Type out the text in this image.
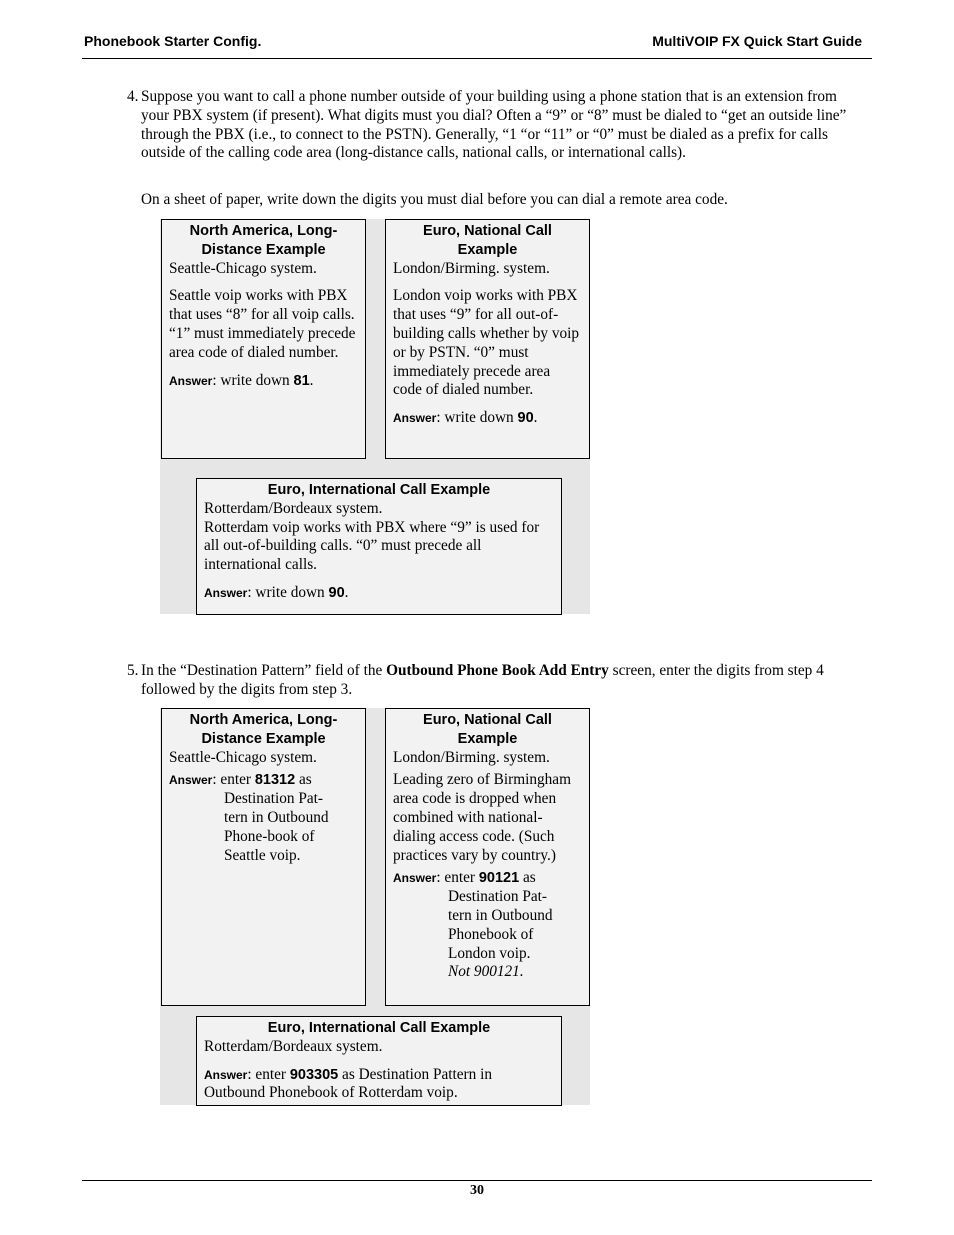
Phonebook Starter Config.	MultiVOIP FX Quick Start Guide
4. Suppose you want to call a phone number outside of your building using a phone station that is an extension from your PBX system (if present). What digits must you dial? Often a “9” or “8” must be dialed to “get an outside line” through the PBX (i.e., to connect to the PSTN). Generally, “1 “or “11” or “0” must be dialed as a prefix for calls outside of the calling code area (long-distance calls, national calls, or international calls).
On a sheet of paper, write down the digits you must dial before you can dial a remote area code.
North America, Long-Distance Example

Seattle-Chicago system.

Seattle voip works with PBX that uses “8” for all voip calls. “1” must immediately precede area code of dialed number.

Answer: write down 81.

Euro, National Call Example

London/Birming. system.

London voip works with PBX that uses “9” for all out-of-building calls whether by voip or by PSTN. “0” must immediately precede area code of dialed number.

Answer: write down 90.

Euro, International Call Example

Rotterdam/Bordeaux system.

Rotterdam voip works with PBX where “9” is used for all out-of-building calls. “0” must precede all international calls.

Answer: write down 90.

5. In the “Destination Pattern” field of the Outbound Phone Book Add Entry screen, enter the digits from step 4 followed by the digits from step 3.
North America, Long-Distance Example

Seattle-Chicago system.

Answer: enter 81312 as

Destination Pat-
tern in Outbound
Phone-book of
Seattle voip.
Euro, National Call Example

London/Birming. system.

Leading zero of Birmingham area code is dropped when combined with national-dialing access code. (Such practices vary by country.)

Answer: enter 90121 as

Destination Pat-
tern in Outbound
Phonebook of
London voip.
Not 900121.
Euro, International Call Example

Rotterdam/Bordeaux system.

Answer: enter 903305 as Destination Pattern in Outbound Phonebook of Rotterdam voip.

30
